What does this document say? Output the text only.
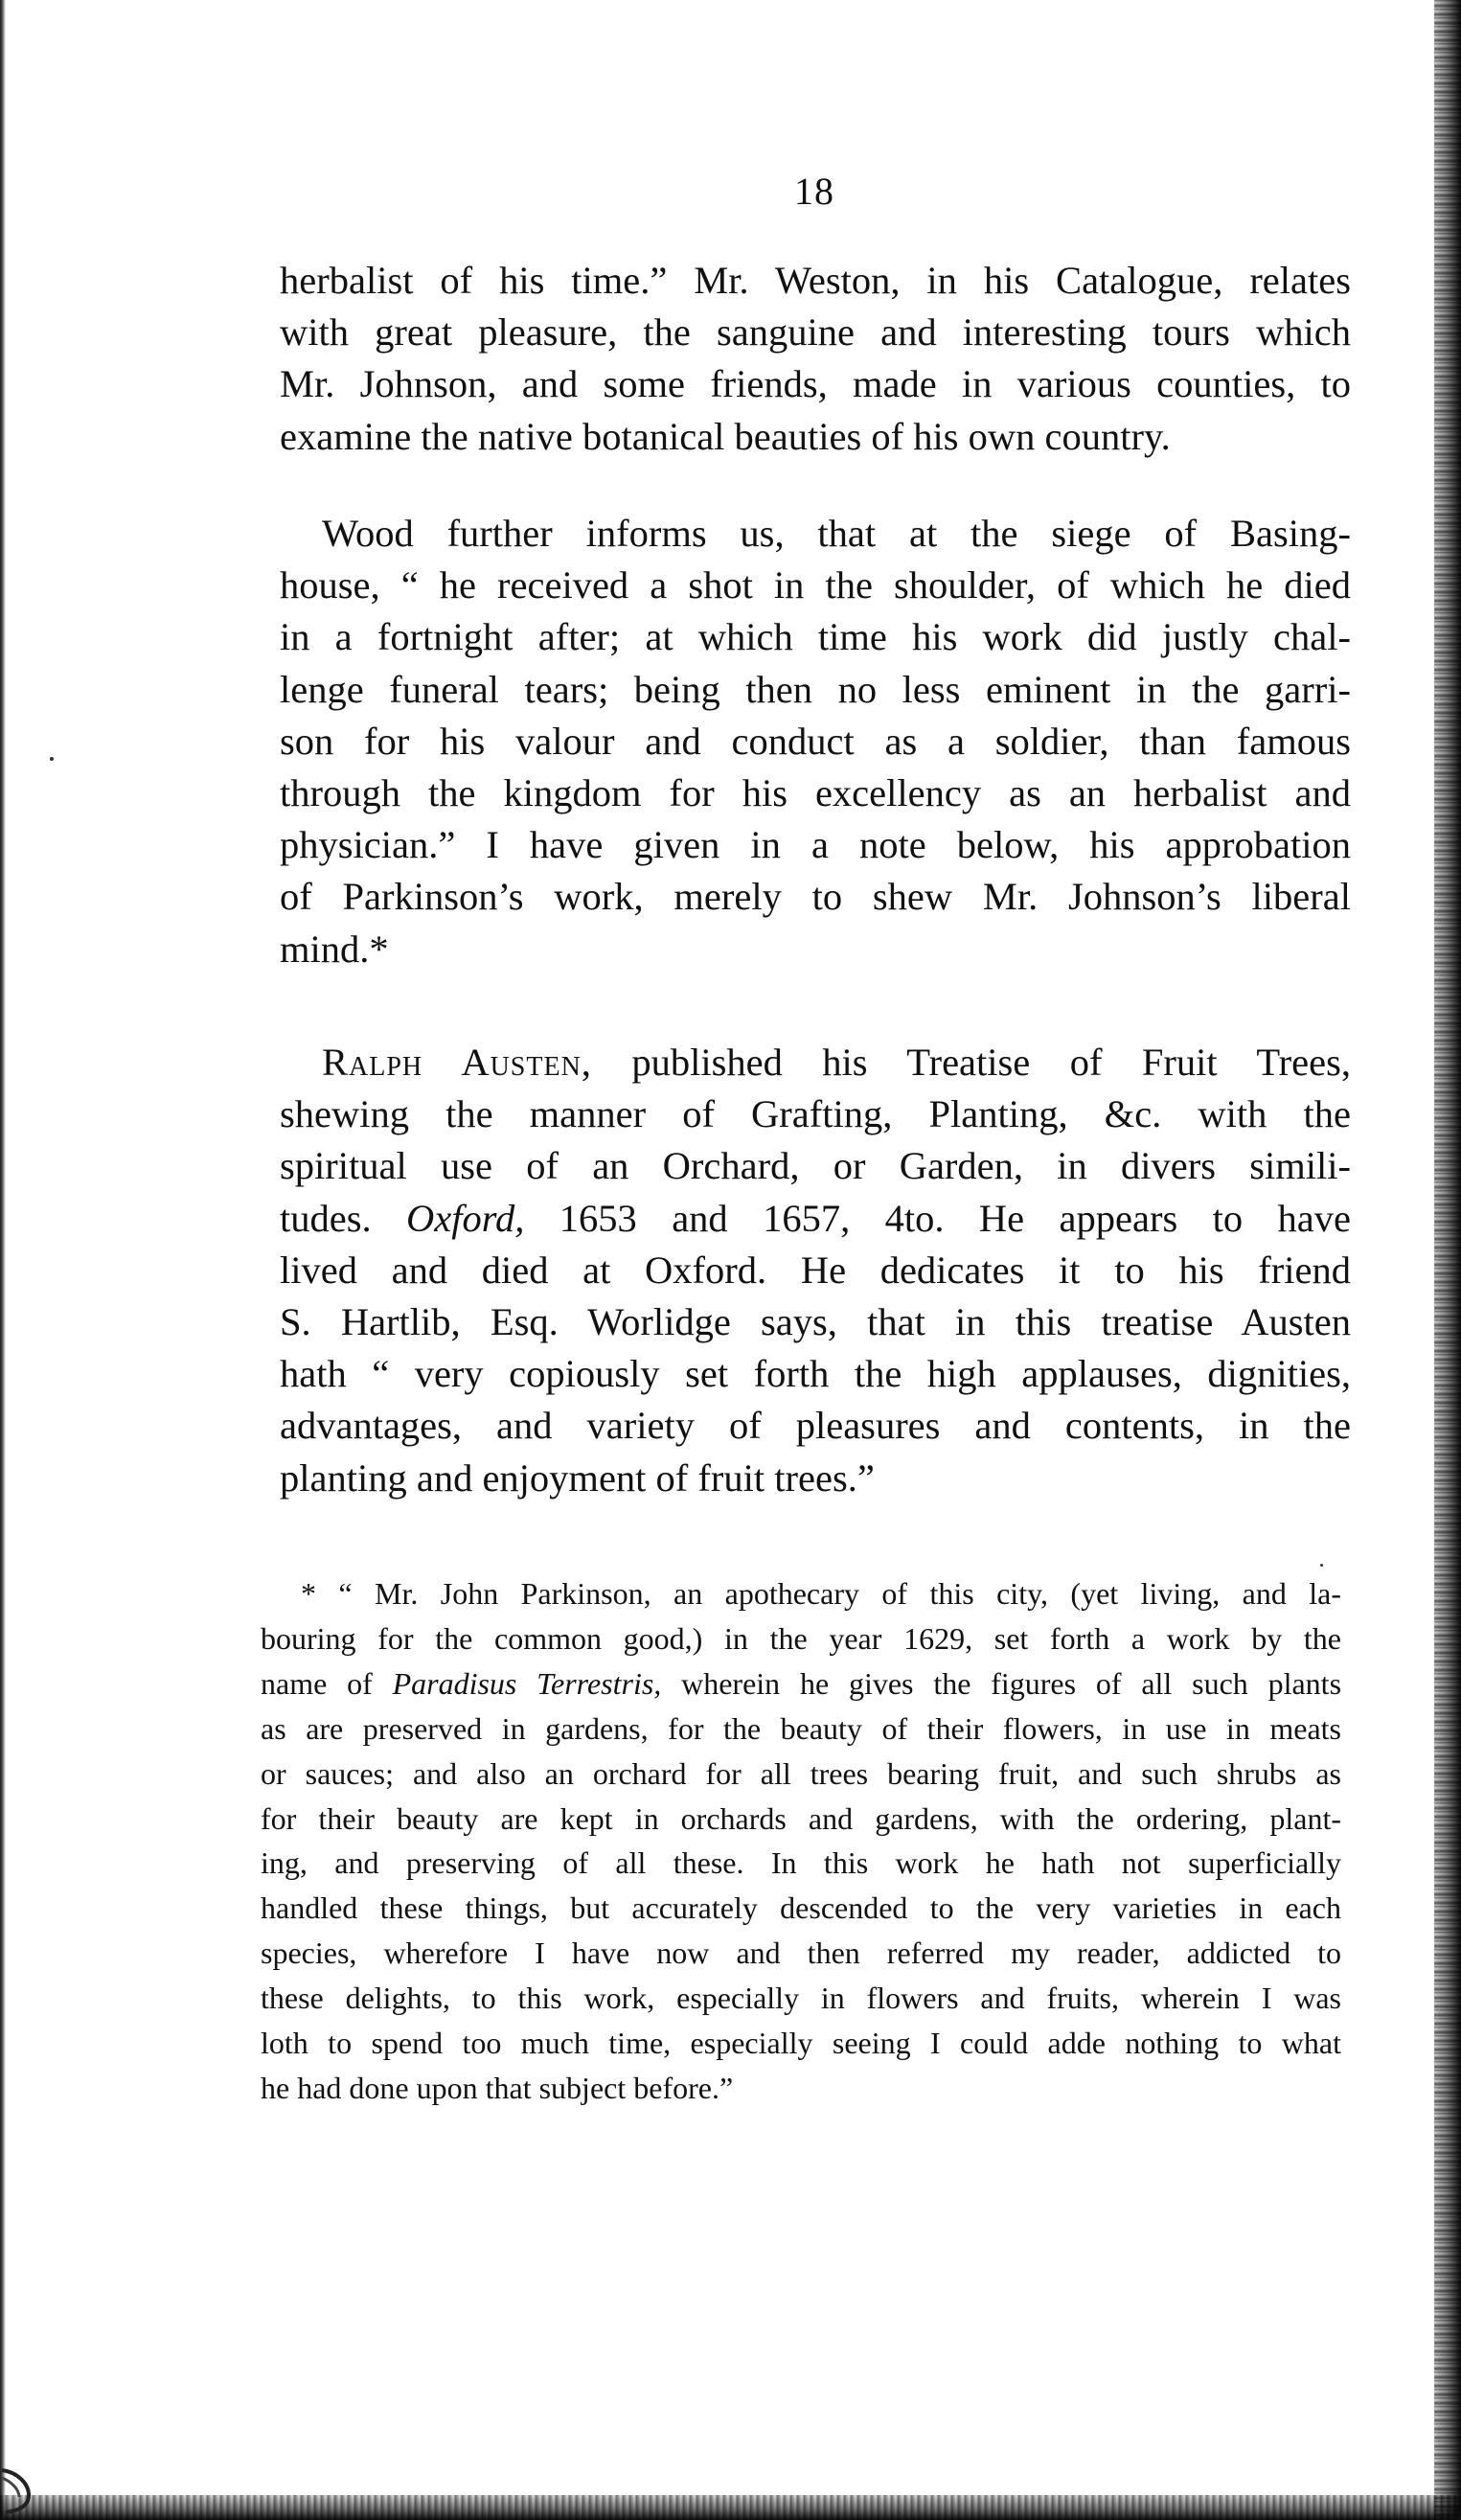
18
herbalist of his time.” Mr. Weston, in his Catalogue, relates
with great pleasure, the sanguine and interesting tours which
Mr. Johnson, and some friends, made in various counties, to
examine the native botanical beauties of his own country.
Wood further informs us, that at the siege of Basing-
house, “ he received a shot in the shoulder, of which he died
in a fortnight after; at which time his work did justly chal-
lenge funeral tears; being then no less eminent in the garri-
son for his valour and conduct as a soldier, than famous
through the kingdom for his excellency as an herbalist and
physician.” I have given in a note below, his approbation
of Parkinson’s work, merely to shew Mr. Johnson’s liberal
mind.*
Ralph Austen, published his Treatise of Fruit Trees,
shewing the manner of Grafting, Planting, &c. with the
spiritual use of an Orchard, or Garden, in divers simili-
tudes. Oxford, 1653 and 1657, 4to. He appears to have
lived and died at Oxford. He dedicates it to his friend
S. Hartlib, Esq. Worlidge says, that in this treatise Austen
hath “ very copiously set forth the high applauses, dignities,
advantages, and variety of pleasures and contents, in the
planting and enjoyment of fruit trees.”
* “ Mr. John Parkinson, an apothecary of this city, (yet living, and la-
bouring for the common good,) in the year 1629, set forth a work by the
name of Paradisus Terrestris, wherein he gives the figures of all such plants
as are preserved in gardens, for the beauty of their flowers, in use in meats
or sauces; and also an orchard for all trees bearing fruit, and such shrubs as
for their beauty are kept in orchards and gardens, with the ordering, plant-
ing, and preserving of all these. In this work he hath not superficially
handled these things, but accurately descended to the very varieties in each
species, wherefore I have now and then referred my reader, addicted to
these delights, to this work, especially in flowers and fruits, wherein I was
loth to spend too much time, especially seeing I could adde nothing to what
he had done upon that subject before.”
